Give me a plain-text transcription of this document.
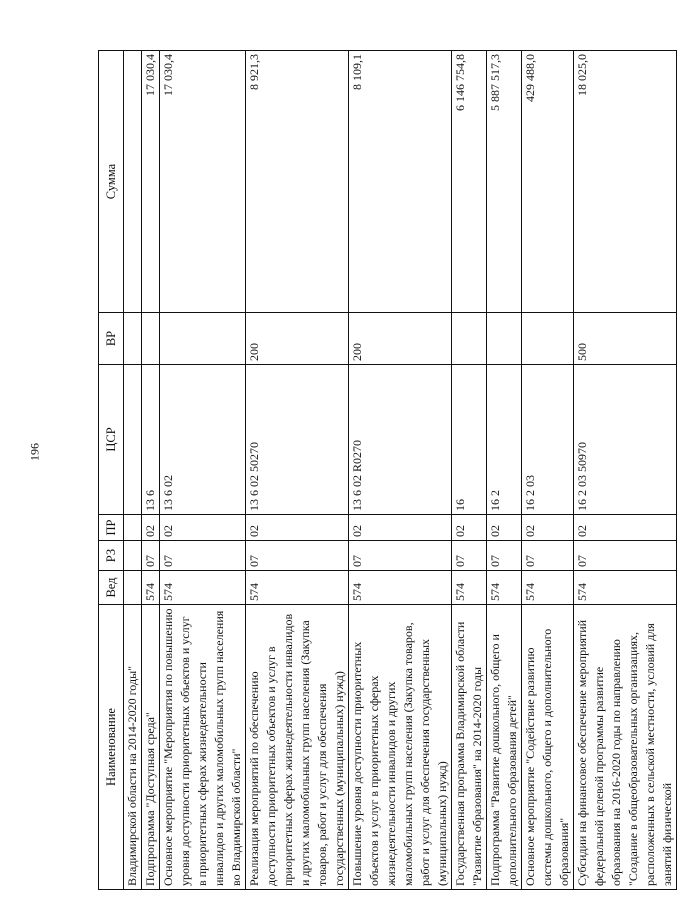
196
Наименование	Вед	РЗ	ПР	ЦСР	ВР	Сумма
Владимирской области на 2014-2020 годы"						
Подпрограмма "Доступная среда"	574	07	02	13 6		17 030,4
Основное мероприятие "Мероприятия по повышению уровня доступности приоритетных объектов и услуг в приоритетных сферах жизнедеятельности инвалидов и других маломобильных групп населения во Владимирской области"	574	07	02	13 6 02		17 030,4
Реализация мероприятий по обеспечению доступности приоритетных объектов и услуг в приоритетных сферах жизнедеятельности инвалидов и других маломобильных групп населения (Закупка товаров, работ и услуг для обеспечения государственных (муниципальных) нужд)	574	07	02	13 6 02 50270	200	8 921,3
Повышение уровня доступности приоритетных объектов и услуг в приоритетных сферах жизнедеятельности инвалидов и других маломобильных групп населения (Закупка товаров, работ и услуг для обеспечения государственных (муниципальных) нужд)	574	07	02	13 6 02 R0270	200	8 109,1
Государственная программа Владимирской области "Развитие образования" на 2014-2020 годы	574	07	02	16		6 146 754,8
Подпрограмма "Развитие дошкольного, общего и дополнительного образования детей"	574	07	02	16 2		5 887 517,3
Основное мероприятие "Содействие развитию системы дошкольного, общего и дополнительного образования"	574	07	02	16 2 03		429 488,0
Субсидии на финансовое обеспечение мероприятий федеральной целевой программы развитие образования на 2016-2020 годы по направлению "Создание в общеобразовательных организациях, расположенных в сельской местности, условий для занятий физической	574	07	02	16 2 03 50970	500	18 025,0
